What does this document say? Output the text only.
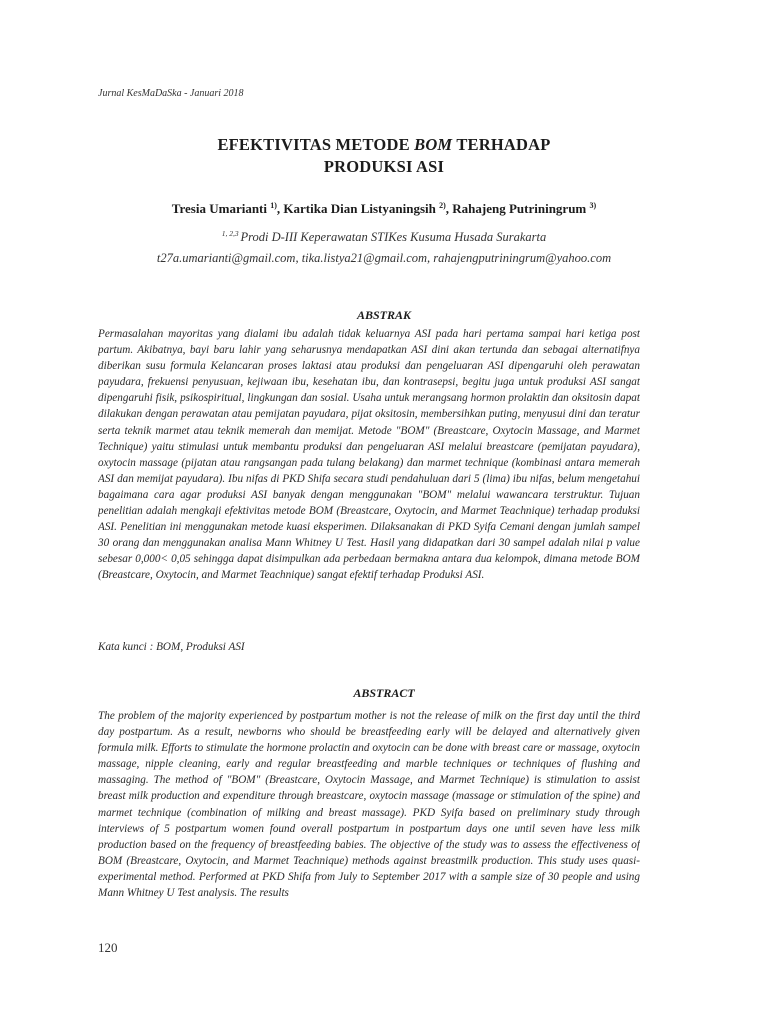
Jurnal KesMaDaSka - Januari 2018
EFEKTIVITAS METODE BOM TERHADAP
PRODUKSI ASI
Tresia Umarianti $^{1)}$, Kartika Dian Listyaningsih $^{2)}$, Rahajeng Putriningrum $^{3)}$
$^{1, 2,3}$ Prodi D-III Keperawatan STIKes Kusuma Husada Surakarta
t27a.umarianti@gmail.com, tika.listya21@gmail.com, rahajengputriningrum@yahoo.com
ABSTRAK
Permasalahan mayoritas yang dialami ibu adalah tidak keluarnya ASI pada hari pertama sampai hari ketiga post partum. Akibatnya, bayi baru lahir yang seharusnya mendapatkan ASI dini akan tertunda dan sebagai alternatifnya diberikan susu formula Kelancaran proses laktasi atau produksi dan pengeluaran ASI dipengaruhi oleh perawatan payudara, frekuensi penyusuan, kejiwaan ibu, kesehatan ibu, dan kontrasepsi, begitu juga untuk produksi ASI sangat dipengaruhi fisik, psikospiritual, lingkungan dan sosial. Usaha untuk merangsang hormon prolaktin dan oksitosin dapat dilakukan dengan perawatan atau pemijatan payudara, pijat oksitosin, membersihkan puting, menyusui dini dan teratur serta teknik marmet atau teknik memerah dan memijat. Metode "BOM" (Breastcare, Oxytocin Massage, and Marmet Technique) yaitu stimulasi untuk membantu produksi dan pengeluaran ASI melalui breastcare (pemijatan payudara), oxytocin massage (pijatan atau rangsangan pada tulang belakang) dan marmet technique (kombinasi antara memerah ASI dan memijat payudara). Ibu nifas di PKD Shifa secara studi pendahuluan dari 5 (lima) ibu nifas, belum mengetahui bagaimana cara agar produksi ASI banyak dengan menggunakan "BOM" melalui wawancara terstruktur. Tujuan penelitian adalah mengkaji efektivitas metode BOM (Breastcare, Oxytocin, and Marmet Teachnique) terhadap produksi ASI. Penelitian ini menggunakan metode kuasi eksperimen. Dilaksanakan di PKD Syifa Cemani dengan jumlah sampel 30 orang dan menggunakan analisa Mann Whitney U Test. Hasil yang didapatkan dari 30 sampel adalah nilai p value sebesar 0,000< 0,05 sehingga dapat disimpulkan ada perbedaan bermakna antara dua kelompok, dimana metode BOM (Breastcare, Oxytocin, and Marmet Teachnique) sangat efektif terhadap Produksi ASI.
Kata kunci : BOM, Produksi ASI
ABSTRACT
The problem of the majority experienced by postpartum mother is not the release of milk on the first day until the third day postpartum. As a result, newborns who should be breastfeeding early will be delayed and alternatively given formula milk. Efforts to stimulate the hormone prolactin and oxytocin can be done with breast care or massage, oxytocin massage, nipple cleaning, early and regular breastfeeding and marble techniques or techniques of flushing and massaging. The method of "BOM" (Breastcare, Oxytocin Massage, and Marmet Technique) is stimulation to assist breast milk production and expenditure through breastcare, oxytocin massage (massage or stimulation of the spine) and marmet technique (combination of milking and breast massage). PKD Syifa based on preliminary study through interviews of 5 postpartum women found overall postpartum in postpartum days one until seven have less milk production based on the frequency of breastfeeding babies. The objective of the study was to assess the effectiveness of BOM (Breastcare, Oxytocin, and Marmet Teachnique) methods against breastmilk production. This study uses quasi-experimental method. Performed at PKD Shifa from July to September 2017 with a sample size of 30 people and using Mann Whitney U Test analysis. The results
120
